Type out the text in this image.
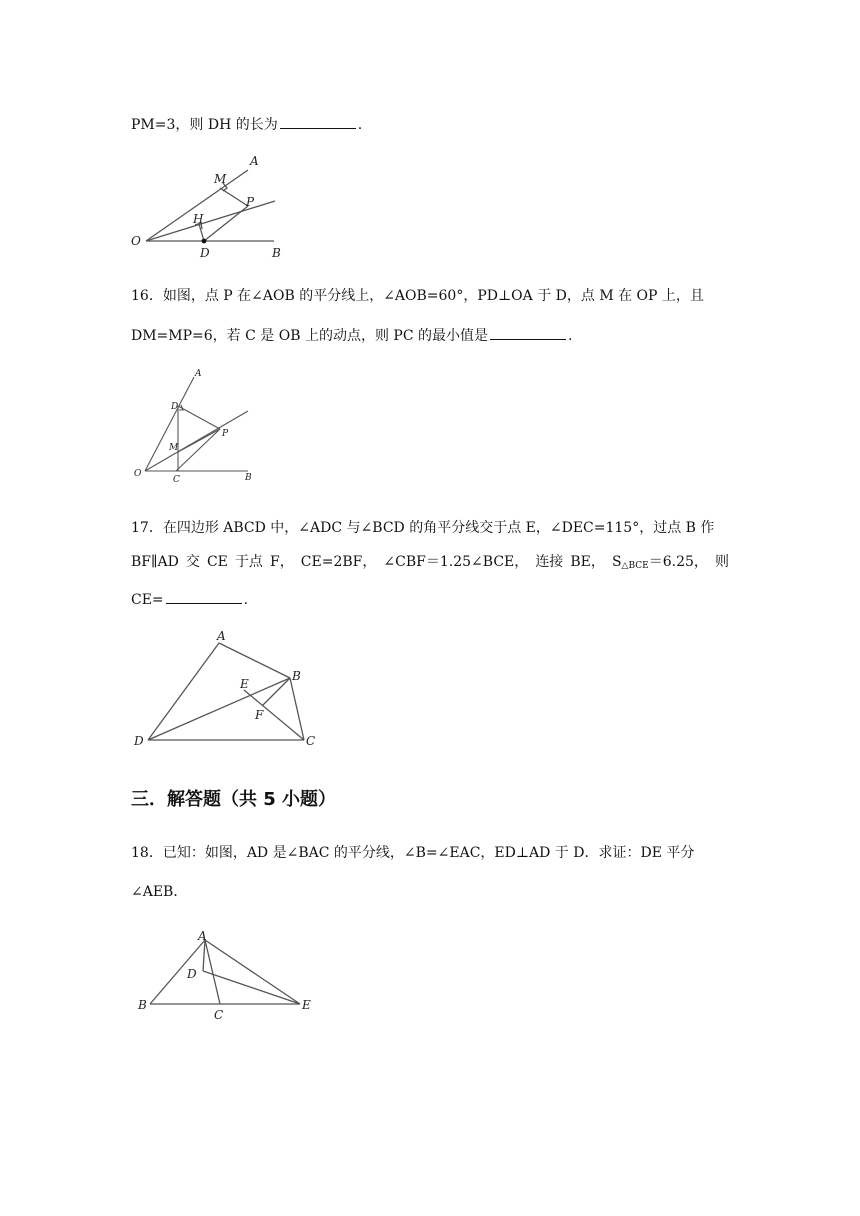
PM=3，则 DH 的长为	.
A
M
P
H
O
D	B
16．如图，点 P 在∠AOB 的平分线上，∠AOB=60°，PD⊥OA 于 D，点 M 在 OP 上，且
DM=MP=6，若 C 是 OB 上的动点，则 PC 的最小值是	.
A
D
P
M
O
C	B
17．在四边形 ABCD 中，∠ADC 与∠BCD 的角平分线交于点 E，∠DEC=115°，过点 B 作
BF∥AD 交 CE 于点 F， CE=2BF， ∠CBF＝1.25∠BCE， 连接 BE， S△BCE＝6.25， 则
CE=	.
A
B
E
F
D	C
三．解答题（共 5 小题）
18．已知：如图，AD 是∠BAC 的平分线，∠B=∠EAC，ED⊥AD 于 D．求证：DE 平分
∠AEB．
A
D
B
C
E
